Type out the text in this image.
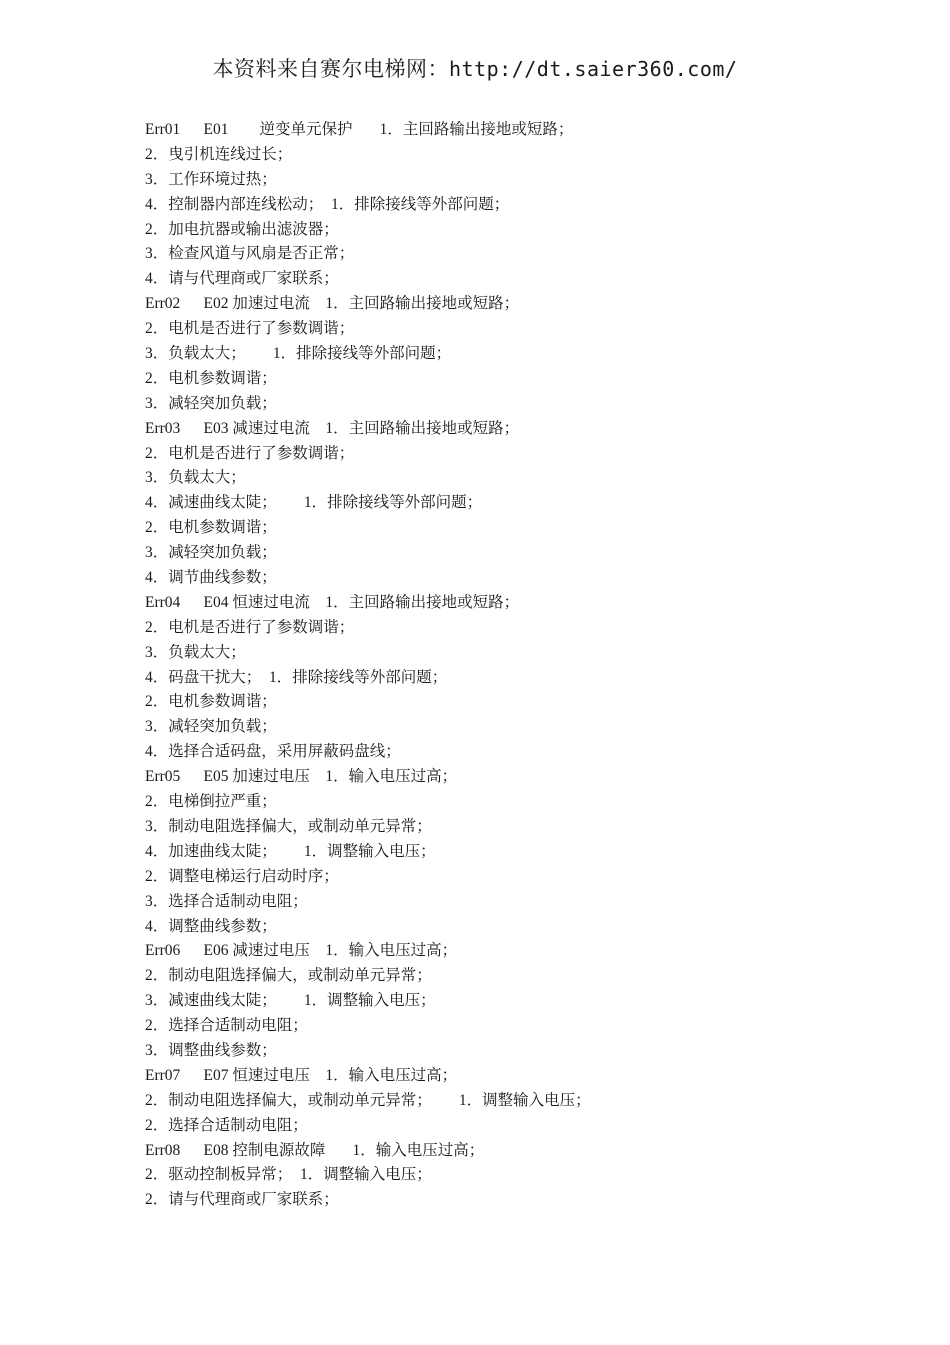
本资料来自赛尔电梯网：http://dt.saier360.com/
Err01      E01        逆变单元保护       1．主回路输出接地或短路；
2．曳引机连线过长；
3．工作环境过热；
4．控制器内部连线松动；  1．排除接线等外部问题；
2．加电抗器或输出滤波器；
3．检查风道与风扇是否正常；
4．请与代理商或厂家联系；
Err02      E02 加速过电流    1．主回路输出接地或短路；
2．电机是否进行了参数调谐；
3．负载太大；       1．排除接线等外部问题；
2．电机参数调谐；
3．减轻突加负载；
Err03      E03 减速过电流    1．主回路输出接地或短路；
2．电机是否进行了参数调谐；
3．负载太大；
4．减速曲线太陡；       1．排除接线等外部问题；
2．电机参数调谐；
3．减轻突加负载；
4．调节曲线参数；
Err04      E04 恒速过电流    1．主回路输出接地或短路；
2．电机是否进行了参数调谐；
3．负载太大；
4．码盘干扰大；  1．排除接线等外部问题；
2．电机参数调谐；
3．减轻突加负载；
4．选择合适码盘，采用屏蔽码盘线；
Err05      E05 加速过电压    1．输入电压过高；
2．电梯倒拉严重；
3．制动电阻选择偏大，或制动单元异常；
4．加速曲线太陡；       1．调整输入电压；
2．调整电梯运行启动时序；
3．选择合适制动电阻；
4．调整曲线参数；
Err06      E06 减速过电压    1．输入电压过高；
2．制动电阻选择偏大，或制动单元异常；
3．减速曲线太陡；       1．调整输入电压；
2．选择合适制动电阻；
3．调整曲线参数；
Err07      E07 恒速过电压    1．输入电压过高；
2．制动电阻选择偏大，或制动单元异常；       1．调整输入电压；
2．选择合适制动电阻；
Err08      E08 控制电源故障       1．输入电压过高；
2．驱动控制板异常；  1．调整输入电压；
2．请与代理商或厂家联系；
